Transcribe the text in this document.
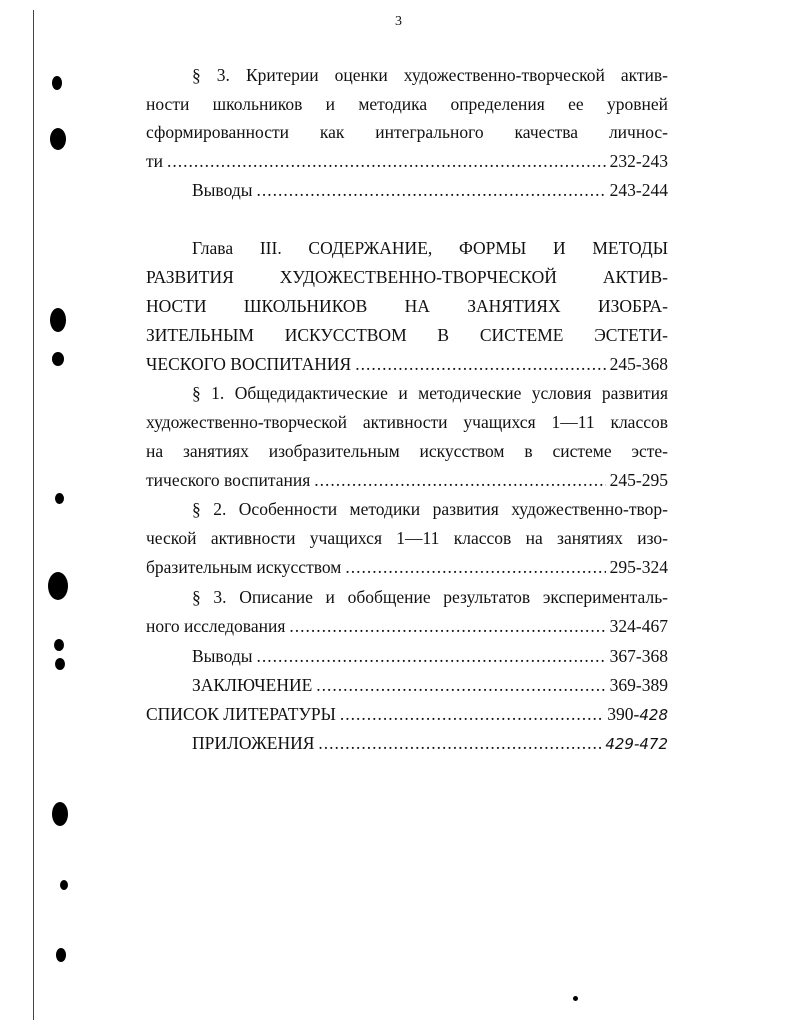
3
§ 3. Критерии оценки художественно-творческой актив-
ности школьников и методика определения ее уровней
сформированности как интегрального качества личнос-
ти .....	232-243
Выводы .....	243-244
Глава III. СОДЕРЖАНИЕ, ФОРМЫ И МЕТОДЫ
РАЗВИТИЯ ХУДОЖЕСТВЕННО-ТВОРЧЕСКОЙ АКТИВ-
НОСТИ ШКОЛЬНИКОВ НА ЗАНЯТИЯХ ИЗОБРА-
ЗИТЕЛЬНЫМ ИСКУССТВОМ В СИСТЕМЕ ЭСТЕТИ-
ЧЕСКОГО ВОСПИТАНИЯ .....	245-368
§ 1. Общедидактические и методические условия развития
художественно-творческой активности учащихся 1—11 классов
на занятиях изобразительным искусством в системе эсте-
тического воспитания .....	245-295
§ 2. Особенности методики развития художественно-твор-
ческой активности учащихся 1—11 классов на занятиях изо-
бразительным искусством .....	295-324
§ 3. Описание и обобщение результатов эксперименталь-
ного исследования .....	324-467
Выводы .....	367-368
ЗАКЛЮЧЕНИЕ .....	369-389
СПИСОК ЛИТЕРАТУРЫ .....	390-428
ПРИЛОЖЕНИЯ .....	429-472
